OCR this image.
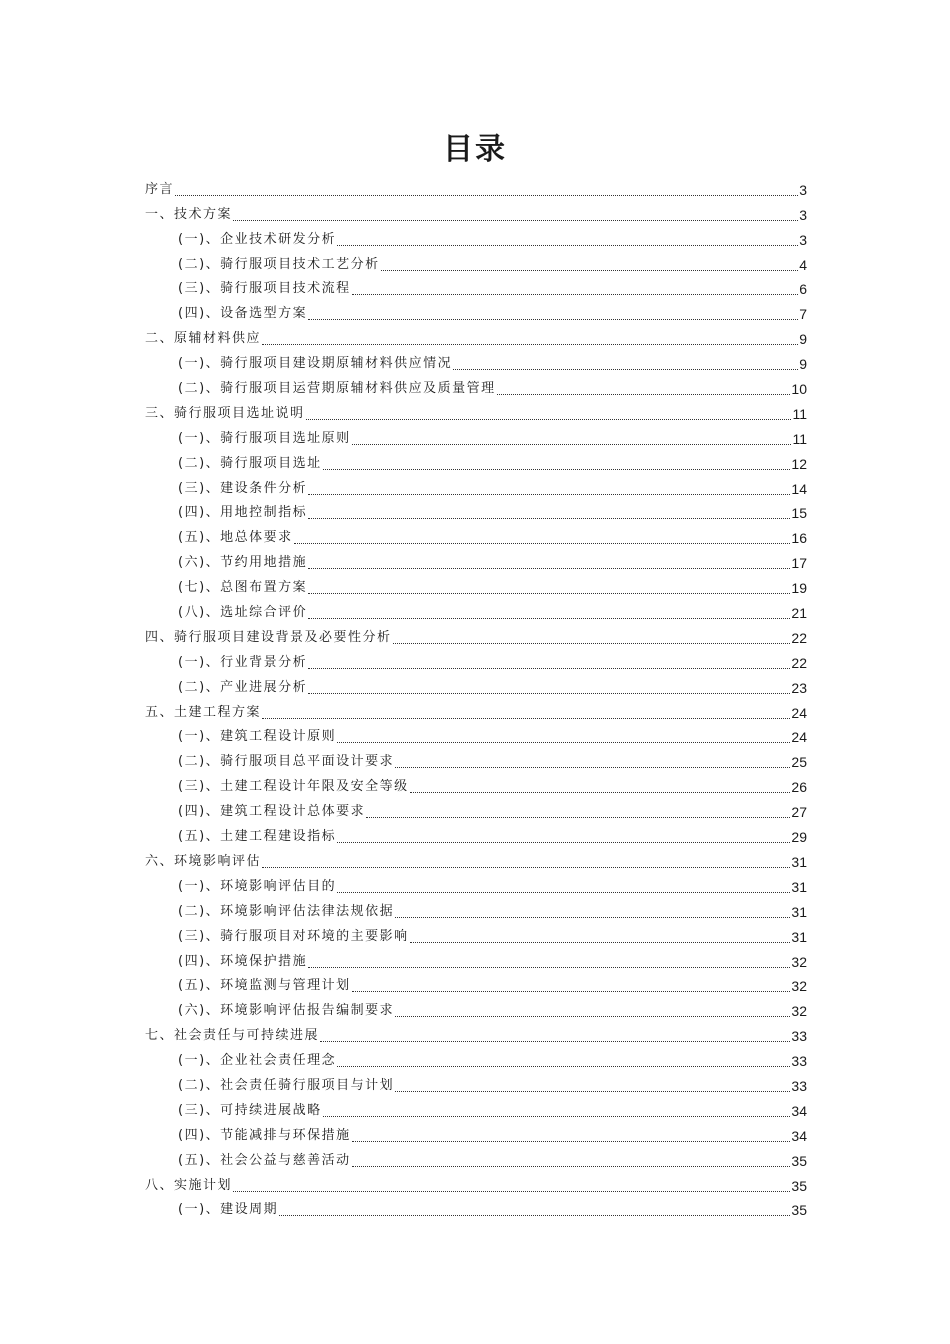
目录
序言	3
一、技术方案	3
(一)、企业技术研发分析	3
(二)、骑行服项目技术工艺分析	4
(三)、骑行服项目技术流程	6
(四)、设备选型方案	7
二、原辅材料供应	9
(一)、骑行服项目建设期原辅材料供应情况	9
(二)、骑行服项目运营期原辅材料供应及质量管理	10
三、骑行服项目选址说明	11
(一)、骑行服项目选址原则	11
(二)、骑行服项目选址	12
(三)、建设条件分析	14
(四)、用地控制指标	15
(五)、地总体要求	16
(六)、节约用地措施	17
(七)、总图布置方案	19
(八)、选址综合评价	21
四、骑行服项目建设背景及必要性分析	22
(一)、行业背景分析	22
(二)、产业进展分析	23
五、土建工程方案	24
(一)、建筑工程设计原则	24
(二)、骑行服项目总平面设计要求	25
(三)、土建工程设计年限及安全等级	26
(四)、建筑工程设计总体要求	27
(五)、土建工程建设指标	29
六、环境影响评估	31
(一)、环境影响评估目的	31
(二)、环境影响评估法律法规依据	31
(三)、骑行服项目对环境的主要影响	31
(四)、环境保护措施	32
(五)、环境监测与管理计划	32
(六)、环境影响评估报告编制要求	32
七、社会责任与可持续进展	33
(一)、企业社会责任理念	33
(二)、社会责任骑行服项目与计划	33
(三)、可持续进展战略	34
(四)、节能减排与环保措施	34
(五)、社会公益与慈善活动	35
八、实施计划	35
(一)、建设周期	35
